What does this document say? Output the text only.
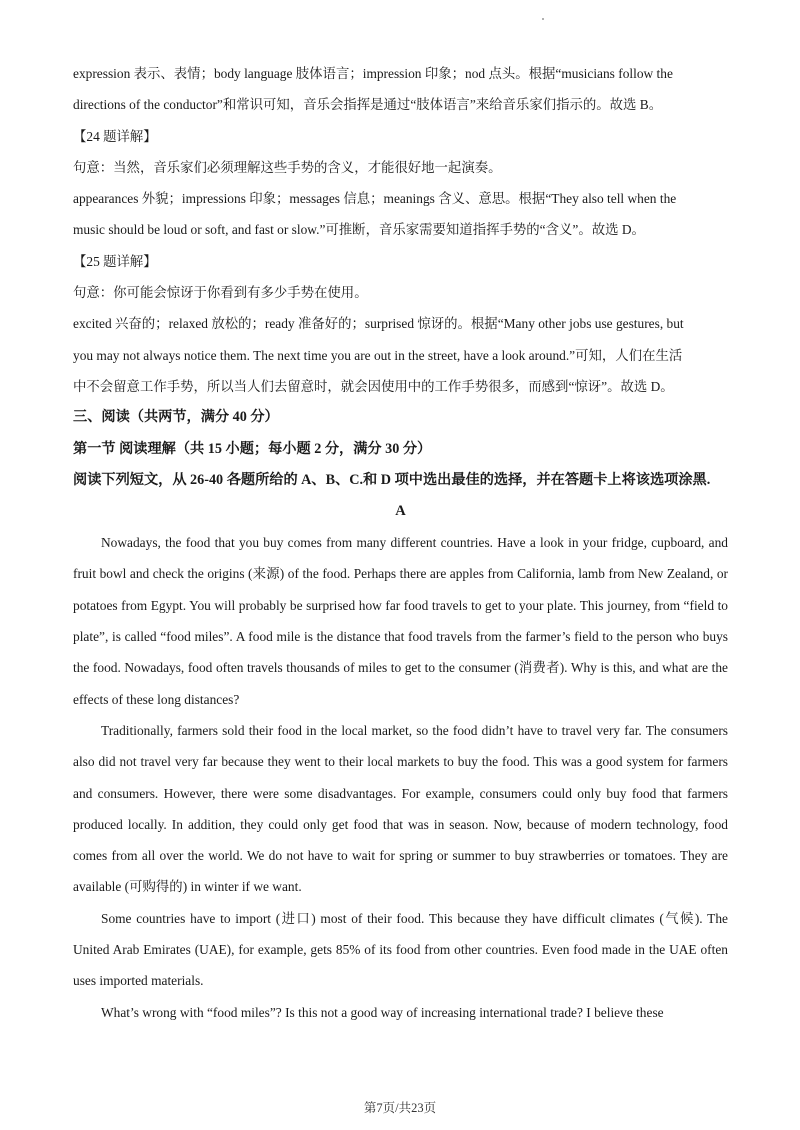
expression 表示、表情；body language 肢体语言；impression 印象；nod 点头。根据“musicians follow the
directions of the conductor”和常识可知，音乐会指挥是通过“肢体语言”来给音乐家们指示的。故选 B。
【24 题详解】
句意：当然，音乐家们必须理解这些手势的含义，才能很好地一起演奏。
appearances 外貌；impressions 印象；messages 信息；meanings 含义、意思。根据“They also tell when the
music should be loud or soft, and fast or slow.”可推断，音乐家需要知道指挥手势的“含义”。故选 D。
【25 题详解】
句意：你可能会惊讶于你看到有多少手势在使用。
excited 兴奋的；relaxed 放松的；ready 准备好的；surprised 惊讶的。根据“Many other jobs use gestures, but
you may not always notice them. The next time you are out in the street, have a look around.”可知，人们在生活
中不会留意工作手势，所以当人们去留意时，就会因使用中的工作手势很多，而感到“惊讶”。故选 D。
三、阅读（共两节，满分 40 分）
第一节 阅读理解（共 15 小题；每小题 2 分，满分 30 分）
阅读下列短文，从 26-40 各题所给的 A、B、C.和 D 项中选出最佳的选择，并在答题卡上将该选项涂黑.
A
Nowadays, the food that you buy comes from many different countries. Have a look in your fridge, cupboard, and fruit bowl and check the origins (来源) of the food. Perhaps there are apples from California, lamb from New Zealand, or potatoes from Egypt. You will probably be surprised how far food travels to get to your plate. This journey, from “field to plate”, is called “food miles”. A food mile is the distance that food travels from the farmer’s field to the person who buys the food. Nowadays, food often travels thousands of miles to get to the consumer (消费者). Why is this, and what are the effects of these long distances?
Traditionally, farmers sold their food in the local market, so the food didn’t have to travel very far. The consumers also did not travel very far because they went to their local markets to buy the food. This was a good system for farmers and consumers. However, there were some disadvantages. For example, consumers could only buy food that farmers produced locally. In addition, they could only get food that was in season. Now, because of modern technology, food comes from all over the world. We do not have to wait for spring or summer to buy strawberries or tomatoes. They are available (可购得的) in winter if we want.
Some countries have to import (进口) most of their food. This because they have difficult climates (气候). The United Arab Emirates (UAE), for example, gets 85% of its food from other countries. Even food made in the UAE often uses imported materials.
What’s wrong with “food miles”? Is this not a good way of increasing international trade? I believe these
第7页/共23页
